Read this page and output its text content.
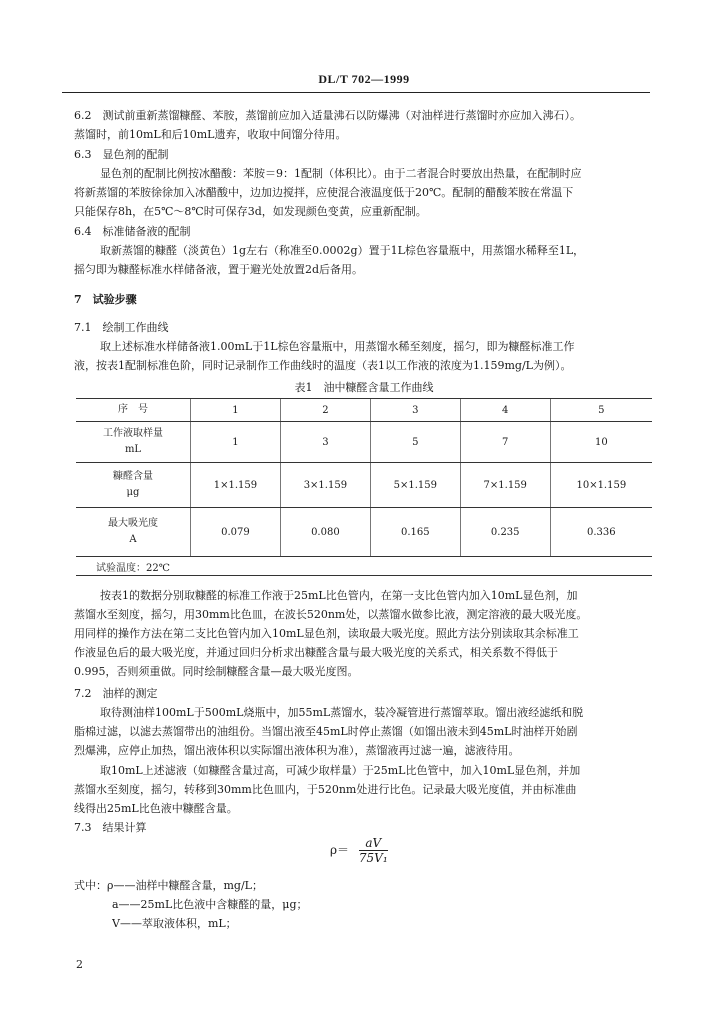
DL/T 702—1999
6.2　测试前重新蒸馏糠醛、苯胺，蒸馏前应加入适量沸石以防爆沸（对油样进行蒸馏时亦应加入沸石）。
蒸馏时，前10mL和后10mL遗弃，收取中间馏分待用。
6.3　显色剂的配制
显色剂的配制比例按冰醋酸：苯胺＝9：1配制（体积比）。由于二者混合时要放出热量，在配制时应
将新蒸馏的苯胺徐徐加入冰醋酸中，边加边搅拌，应使混合液温度低于20℃。配制的醋酸苯胺在常温下
只能保存8h，在5℃～8℃时可保存3d，如发现颜色变黄，应重新配制。
6.4　标准储备液的配制
取新蒸馏的糠醛（淡黄色）1g左右（称准至0.0002g）置于1L棕色容量瓶中，用蒸馏水稀释至1L，
摇匀即为糠醛标准水样储备液，置于避光处放置2d后备用。
7　试验步骤
7.1　绘制工作曲线
取上述标准水样储备液1.00mL于1L棕色容量瓶中，用蒸馏水稀至刻度，摇匀，即为糠醛标准工作
液，按表1配制标准色阶，同时记录制作工作曲线时的温度（表1以工作液的浓度为1.159mg/L为例）。
表1　油中糠醛含量工作曲线
序　号	1	2	3	4	5

工作液取样量
mL	1	3	5	7	10

糠醛含量
μg	1×1.159	3×1.159	5×1.159	7×1.159	10×1.159

最大吸光度
A	0.079	0.080	0.165	0.235	0.336
试验温度：22℃					
按表1的数据分别取糠醛的标准工作液于25mL比色管内，在第一支比色管内加入10mL显色剂，加
蒸馏水至刻度，摇匀，用30mm比色皿，在波长520nm处，以蒸馏水做参比液，测定溶液的最大吸光度。
用同样的操作方法在第二支比色管内加入10mL显色剂，读取最大吸光度。照此方法分别读取其余标准工
作液显色后的最大吸光度，并通过回归分析求出糠醛含量与最大吸光度的关系式，相关系数不得低于
0.995，否则须重做。同时绘制糠醛含量—最大吸光度图。
7.2　油样的测定
取待测油样100mL于500mL烧瓶中，加55mL蒸馏水，装冷凝管进行蒸馏萃取。馏出液经滤纸和脱
脂棉过滤，以滤去蒸馏带出的油组份。当馏出液至45mL时停止蒸馏（如馏出液未到45mL时油样开始剧
烈爆沸，应停止加热，馏出液体积以实际馏出液体积为准），蒸馏液再过滤一遍，滤液待用。
取10mL上述滤液（如糠醛含量过高，可减少取样量）于25mL比色管中，加入10mL显色剂，并加
蒸馏水至刻度，摇匀，转移到30mm比色皿内，于520nm处进行比色。记录最大吸光度值，并由标准曲
线得出25mL比色液中糠醛含量。
7.3　结果计算
$\rho= \frac{aV}{\text{75V₁}}$
式中：ρ——油样中糠醛含量，mg/L；
a——25mL比色液中含糠醛的量，μg；
V——萃取液体积，mL；
2
